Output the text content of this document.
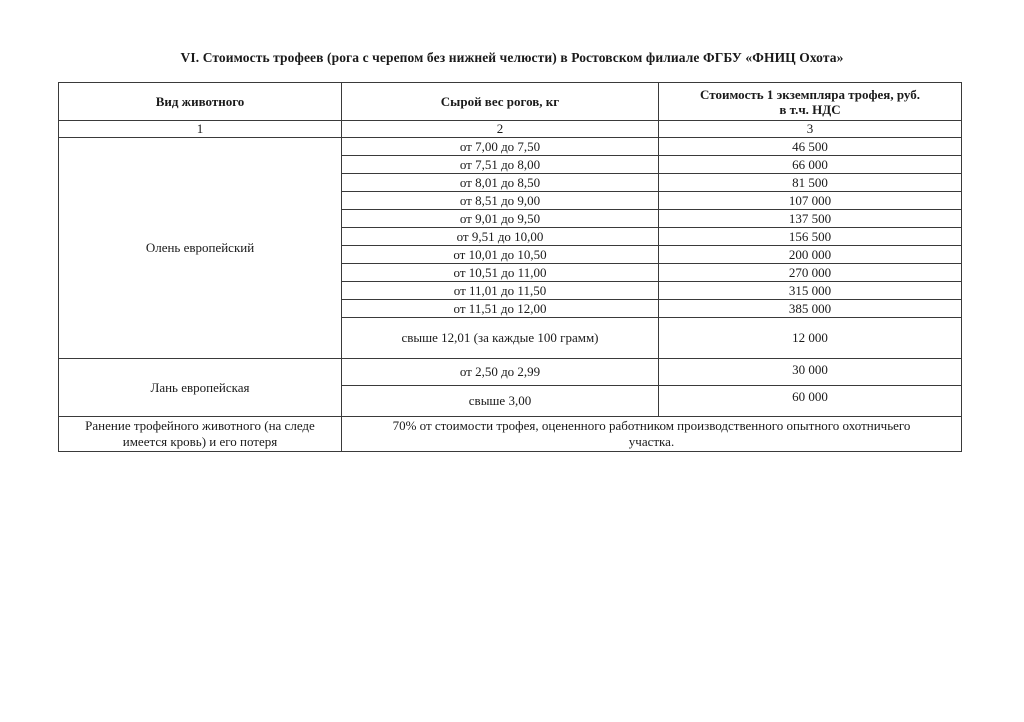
VI. Стоимость трофеев (рога с черепом без нижней челюсти) в Ростовском филиале ФГБУ «ФНИЦ Охота»
Вид животного	Сырой вес рогов, кг	Стоимость 1 экземпляра трофея, руб.
в т.ч. НДС
1	2	3
Олень европейский	от 7,00 до 7,50	46 500
	от 7,51 до 8,00	66 000
	от 8,01 до 8,50	81 500
	от 8,51 до 9,00	107 000
	от 9,01 до 9,50	137 500
	от 9,51 до 10,00	156 500
	от 10,01 до 10,50	200 000
	от 10,51 до 11,00	270 000
	от 11,01 до 11,50	315 000
	от 11,51 до 12,00	385 000
	свыше 12,01 (за каждые 100 грамм)	12 000
Лань европейская	от 2,50 до 2,99	30 000
	свыше 3,00	60 000
Ранение трофейного животного (на следе
имеется кровь) и его потеря	70% от стоимости трофея, оцененного работником производственного опытного охотничьего
участка.	
